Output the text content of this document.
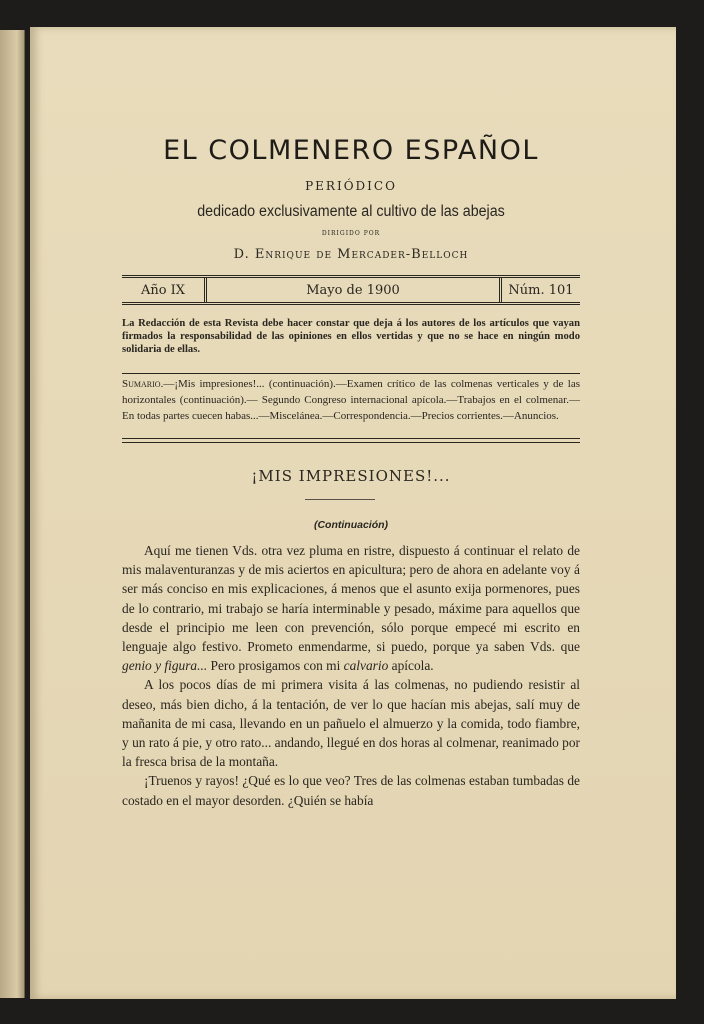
EL COLMENERO ESPAÑOL
PERIÓDICO
dedicado exclusivamente al cultivo de las abejas
DIRIGIDO POR
D. Enrique de Mercader-Belloch
Año IX	Mayo de 1900	Núm. 101
La Redacción de esta Revista debe hacer constar que deja á los autores de los artículos que vayan firmados la responsabilidad de las opiniones en ellos vertidas y que no se hace en ningún modo solidaria de ellas.
Sumario.—¡Mis impresiones!... (continuación).—Examen crítico de las colmenas verticales y de las horizontales (continuación).— Segundo Congreso internacional apícola.—Trabajos en el colmenar.—En todas partes cuecen habas...—Miscelánea.—Correspondencia.—Precios corrientes.—Anuncios.
¡MIS IMPRESIONES!...
(Continuación)

Aquí me tienen Vds. otra vez pluma en ristre, dispuesto á continuar el relato de mis malaventuranzas y de mis aciertos en apicultura; pero de ahora en adelante voy á ser más conciso en mis explicaciones, á menos que el asunto exija pormenores, pues de lo contrario, mi trabajo se haría interminable y pesado, máxime para aquellos que desde el principio me leen con prevención, sólo porque empecé mi escrito en lenguaje algo festivo. Prometo enmendarme, si puedo, porque ya saben Vds. que genio y figura... Pero prosigamos con mi calvario apícola.

A los pocos días de mi primera visita á las colmenas, no pudiendo resistir al deseo, más bien dicho, á la tentación, de ver lo que hacían mis abejas, salí muy de mañanita de mi casa, llevando en un pañuelo el almuerzo y la comida, todo fiambre, y un rato á pie, y otro rato... andando, llegué en dos horas al colmenar, reanimado por la fresca brisa de la montaña.

¡Truenos y rayos! ¿Qué es lo que veo? Tres de las colmenas estaban tumbadas de costado en el mayor desorden. ¿Quién se había
